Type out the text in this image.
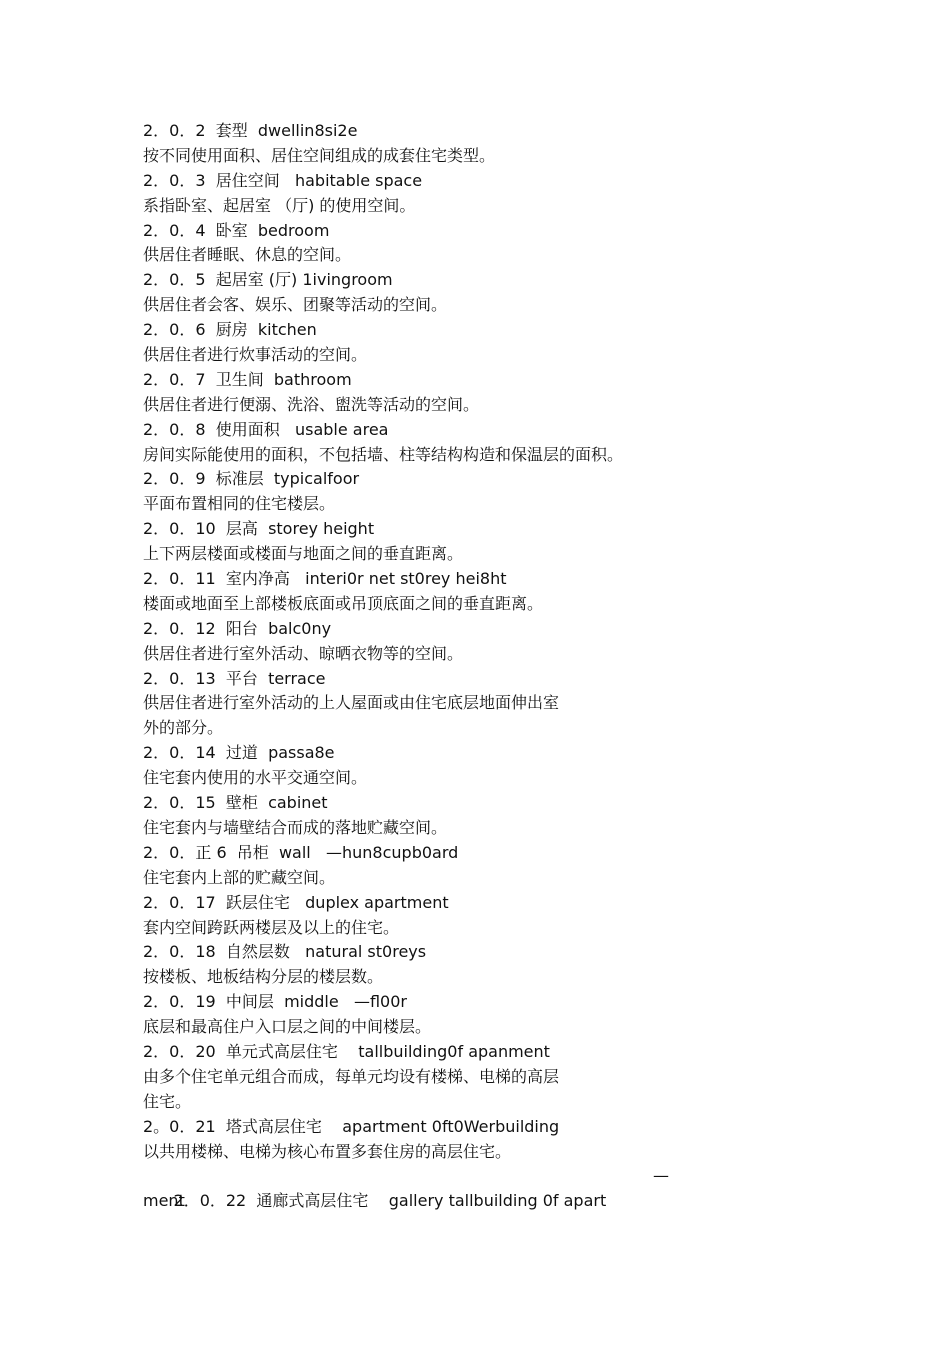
2．0．2  套型  dwellin8si2e
按不同使用面积、居住空间组成的成套住宅类型。
2．0．3  居住空间   habitable space
系指卧室、起居室 （厅) 的使用空间。
2．0．4  卧室  bedroom
供居住者睡眠、休息的空间。
2．0．5  起居室 (厅) 1ivingroom
供居住者会客、娱乐、团聚等活动的空间。
2．0．6  厨房  kitchen
供居住者进行炊事活动的空间。
2．0．7  卫生间  bathroom
供居住者进行便溺、洗浴、盥洗等活动的空间。
2．0．8  使用面积   usable area
房间实际能使用的面积，不包括墙、柱等结构构造和保温层的面积。
2．0．9  标准层  typicalfoor
平面布置相同的住宅楼层。
2．0．10  层高  storey height
上下两层楼面或楼面与地面之间的垂直距离。
2．0．11  室内净高   interi0r net st0rey hei8ht
楼面或地面至上部楼板底面或吊顶底面之间的垂直距离。
2．0．12  阳台  balc0ny
供居住者进行室外活动、晾晒衣物等的空间。
2．0．13  平台  terrace
供居住者进行室外活动的上人屋面或由住宅底层地面伸出室
外的部分。
2．0．14  过道  passa8e
住宅套内使用的水平交通空间。
2．0．15  壁柜  cabinet
住宅套内与墙壁结合而成的落地贮藏空间。
2．0．正 6  吊柜  wall   —hun8cupb0ard
住宅套内上部的贮藏空间。
2．0．17  跃层住宅   duplex apartment
套内空间跨跃两楼层及以上的住宅。
2．0．18  自然层数   natural st0reys
按楼板、地板结构分层的楼层数。
2．0．19  中间层  middle   —fl00r
底层和最高住户入口层之间的中间楼层。
2．0．20  单元式高层住宅    tallbuilding0f apanment
由多个住宅单元组合而成，每单元均设有楼梯、电梯的高层
住宅。
2。0．21  塔式高层住宅    apartment 0ft0Werbuilding
以共用楼梯、电梯为核心布置多套住房的高层住宅。

2．0．22  通廊式高层住宅    gallery tallbuilding 0f apart

—

ment
